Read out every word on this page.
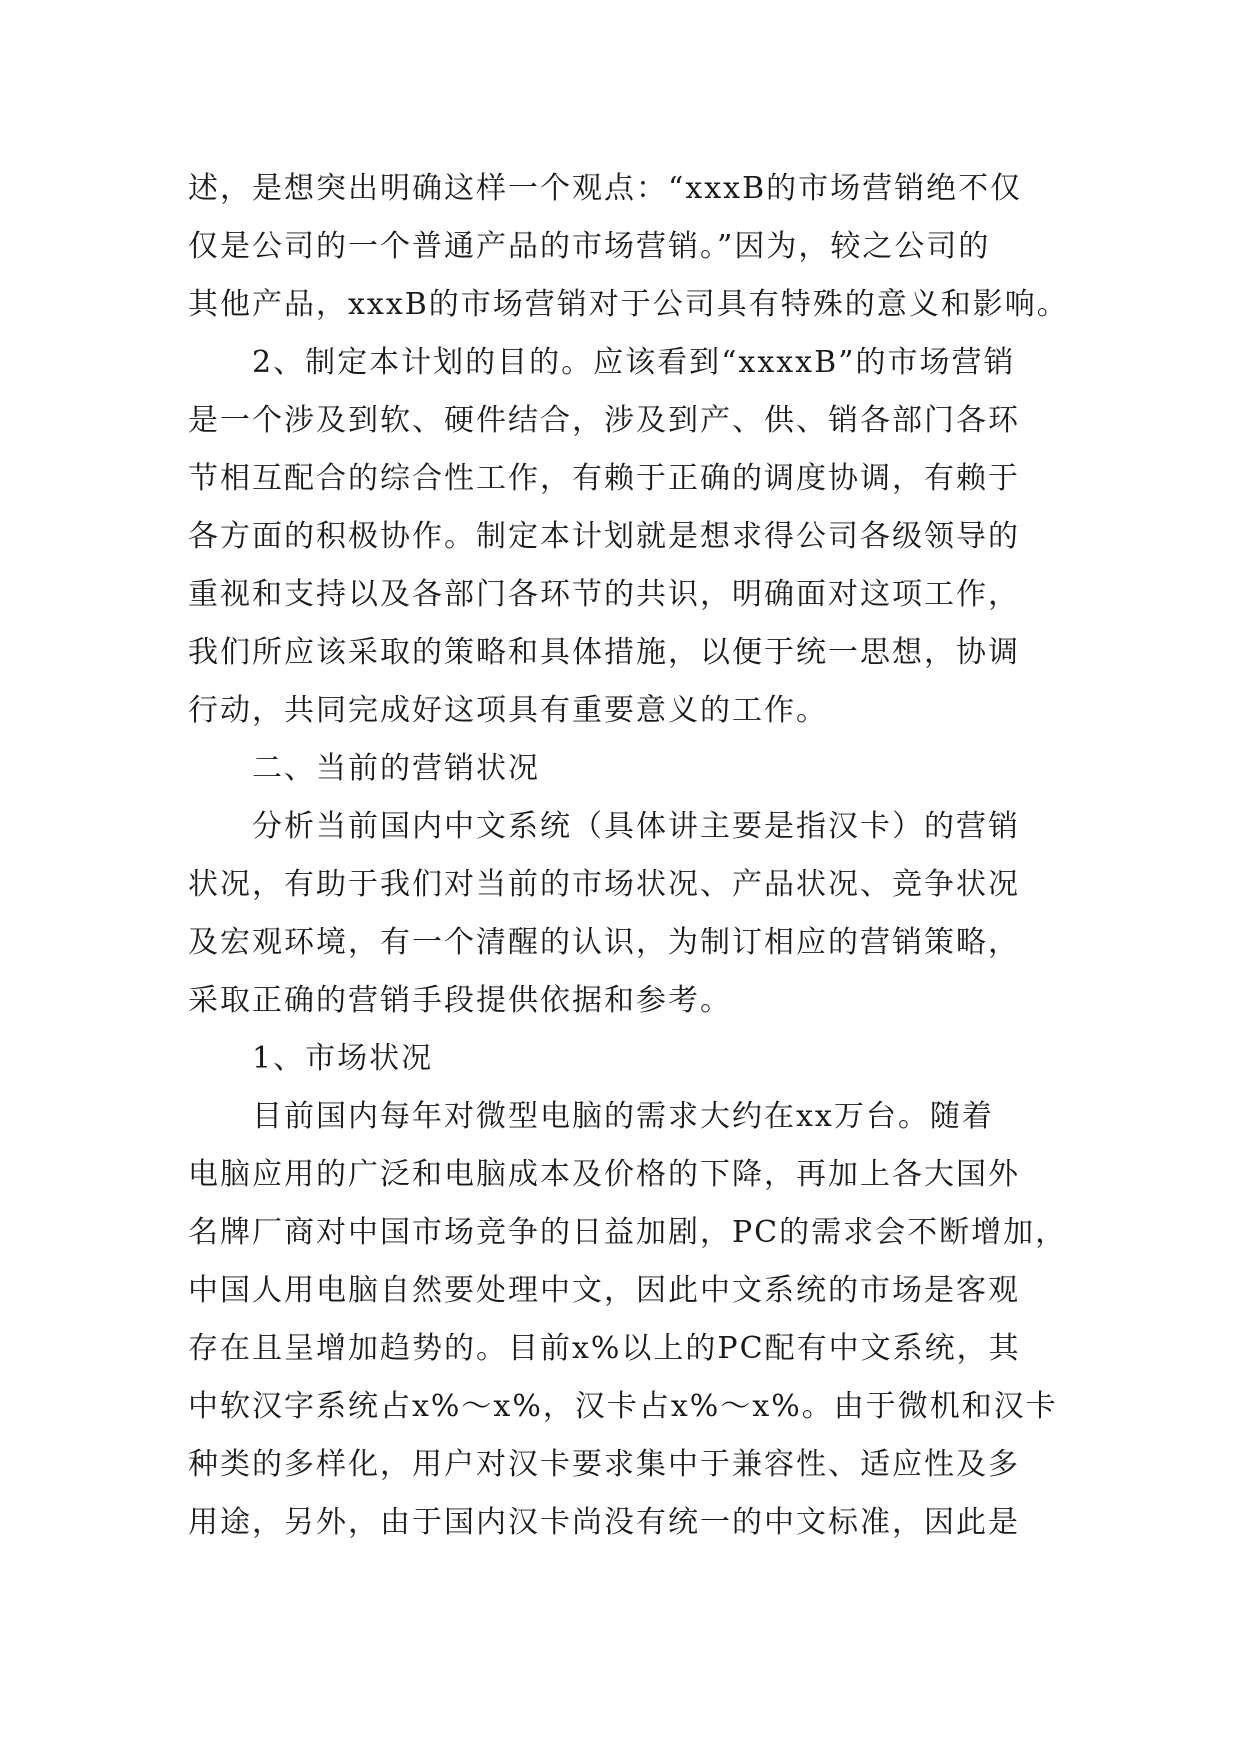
述，是想突出明确这样一个观点：“xxxB的市场营销绝不仅
仅是公司的一个普通产品的市场营销。”因为，较之公司的
其他产品，xxxB的市场营销对于公司具有特殊的意义和影响。
2、制定本计划的目的。应该看到“xxxxB”的市场营销
是一个涉及到软、硬件结合，涉及到产、供、销各部门各环
节相互配合的综合性工作，有赖于正确的调度协调，有赖于
各方面的积极协作。制定本计划就是想求得公司各级领导的
重视和支持以及各部门各环节的共识，明确面对这项工作，
我们所应该采取的策略和具体措施，以便于统一思想，协调
行动，共同完成好这项具有重要意义的工作。
二、当前的营销状况
分析当前国内中文系统（具体讲主要是指汉卡）的营销
状况，有助于我们对当前的市场状况、产品状况、竞争状况
及宏观环境，有一个清醒的认识，为制订相应的营销策略，
采取正确的营销手段提供依据和参考。
1、市场状况
目前国内每年对微型电脑的需求大约在xx万台。随着
电脑应用的广泛和电脑成本及价格的下降，再加上各大国外
名牌厂商对中国市场竞争的日益加剧，PC的需求会不断增加，
中国人用电脑自然要处理中文，因此中文系统的市场是客观
存在且呈增加趋势的。目前x%以上的PC配有中文系统，其
中软汉字系统占x%～x%，汉卡占x%～x%。由于微机和汉卡
种类的多样化，用户对汉卡要求集中于兼容性、适应性及多
用途，另外，由于国内汉卡尚没有统一的中文标准，因此是
